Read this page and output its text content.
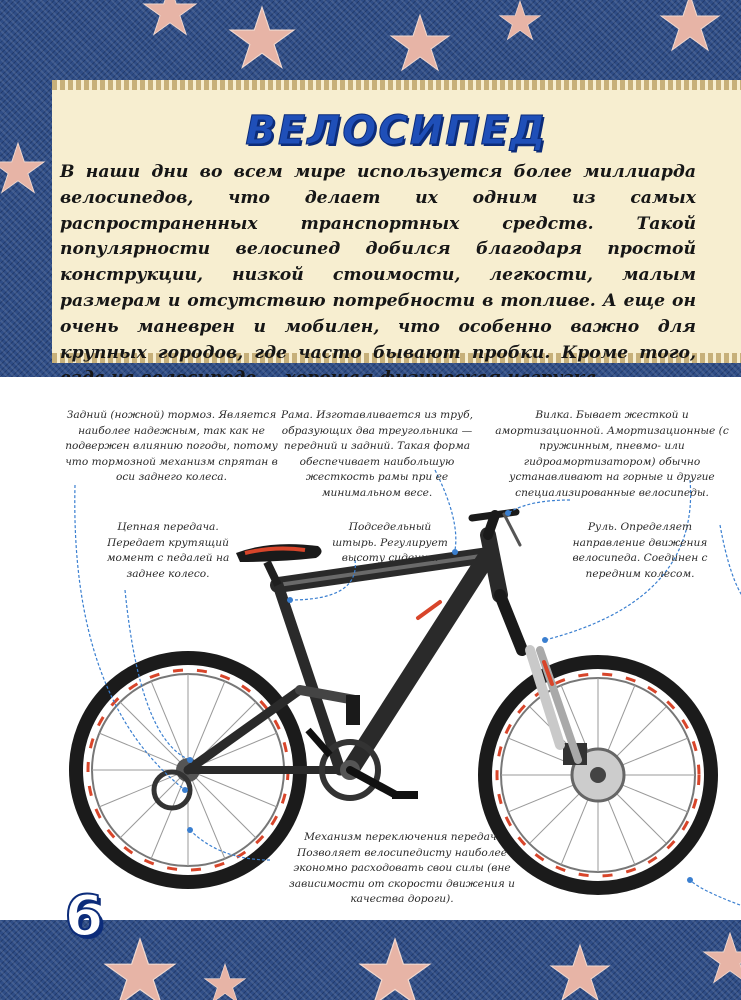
ВЕЛОСИПЕД
В наши дни во всем мире используется более миллиарда велосипедов, что делает их одним из самых распространенных транспортных средств. Такой популярности велосипед добился благодаря простой конструкции, низкой стоимости, легкости, малым размерам и отсутствию потребности в топливе. А еще он очень маневрен и мобилен, что особенно важно для крупных городов, где часто бывают пробки. Кроме того,
Задний (ножной) тормоз. Является наиболее надежным, так как не подвержен влиянию погоды, потому что тормозной механизм спрятан в оси заднего колеса.
Рама. Изготавливается из труб, образующих два треугольника — передний и задний. Такая форма обеспечивает наибольшую жесткость рамы при ее минимальном весе.
Вилка. Бывает жесткой и амортизационной. Амортизационные (с пружинным, пневмо- или гидроамортизатором) обычно устанавливают на горные и другие специализированные велосипеды.
Цепная передача. Передает крутящий момент с педалей на заднее колесо.
Подседельный штырь. Регулирует высоту сидения.
Руль. Определяет направление движения велосипеда. Соединен с передним колесом.
Механизм переключения передач. Позволяет велосипедисту наиболее экономно расходовать свои силы (вне зависимости от скорости движения и качества дороги).
6
